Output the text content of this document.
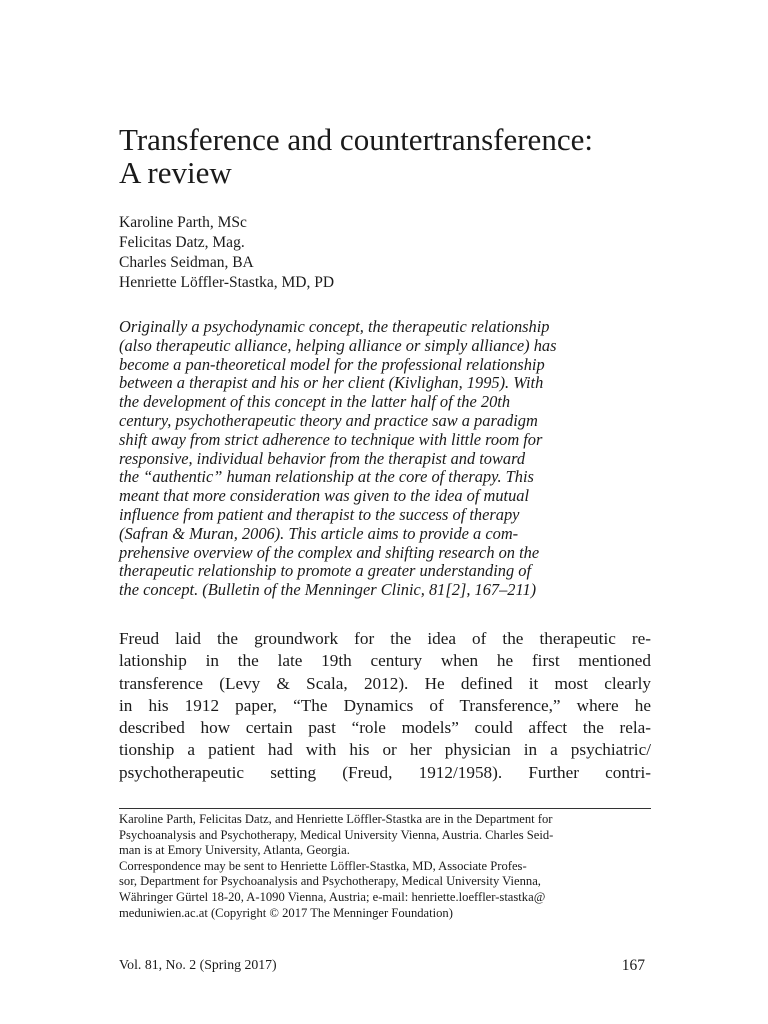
Transference and countertransference:
A review
Karoline Parth, MSc
Felicitas Datz, Mag.
Charles Seidman, BA
Henriette Löffler-Stastka, MD, PD

Originally a psychodynamic concept, the therapeutic relationship
(also therapeutic alliance, helping alliance or simply alliance) has
become a pan-theoretical model for the professional relationship
between a therapist and his or her client (Kivlighan, 1995). With
the development of this concept in the latter half of the 20th
century, psychotherapeutic theory and practice saw a paradigm
shift away from strict adherence to technique with little room for
responsive, individual behavior from the therapist and toward
the “authentic” human relationship at the core of therapy. This
meant that more consideration was given to the idea of mutual
influence from patient and therapist to the success of therapy
(Safran & Muran, 2006). This article aims to provide a com-
prehensive overview of the complex and shifting research on the
therapeutic relationship to promote a greater understanding of
the concept. (Bulletin of the Menninger Clinic, 81[2], 167–211)

Freud laid the groundwork for the idea of the therapeutic re-
lationship in the late 19th century when he first mentioned
transference (Levy & Scala, 2012). He defined it most clearly
in his 1912 paper, “The Dynamics of Transference,” where he
described how certain past “role models” could affect the rela-
tionship a patient had with his or her physician in a psychiatric/
psychotherapeutic setting (Freud, 1912/1958). Further contri-

Karoline Parth, Felicitas Datz, and Henriette Löffler-Stastka are in the Department for
Psychoanalysis and Psychotherapy, Medical University Vienna, Austria. Charles Seid-
man is at Emory University, Atlanta, Georgia.
Correspondence may be sent to Henriette Löffler-Stastka, MD, Associate Profes-
sor, Department for Psychoanalysis and Psychotherapy, Medical University Vienna,
Währinger Gürtel 18-20, A-1090 Vienna, Austria; e-mail: henriette.loeffler-stastka@
meduniwien.ac.at (Copyright © 2017 The Menninger Foundation)

Vol. 81, No. 2 (Spring 2017)	167
